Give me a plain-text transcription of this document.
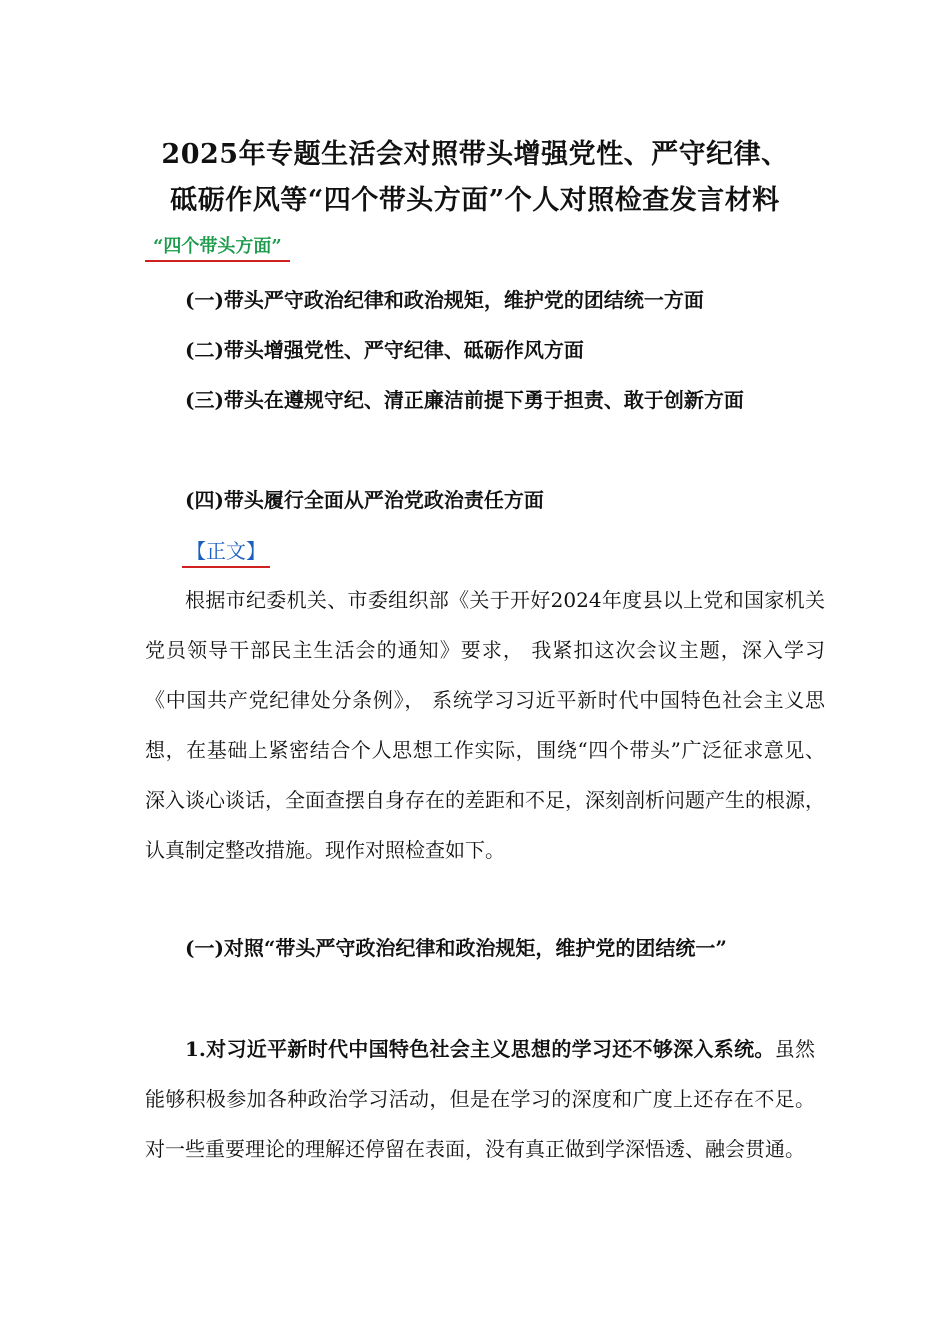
2025年专题生活会对照带头增强党性、严守纪律、
砥砺作风等“四个带头方面”个人对照检查发言材料
“四个带头方面”
(一)带头严守政治纪律和政治规矩，维护党的团结统一方面
(二)带头增强党性、严守纪律、砥砺作风方面
(三)带头在遵规守纪、清正廉洁前提下勇于担责、敢于创新方面
(四)带头履行全面从严治党政治责任方面
【正文】
根据市纪委机关、市委组织部《关于开好2024年度县以上党和国家机关党员领导干部民主生活会的通知》要求， 我紧扣这次会议主题，深入学习《中国共产党纪律处分条例》， 系统学习习近平新时代中国特色社会主义思想，在基础上紧密结合个人思想工作实际，围绕“四个带头”广泛征求意见、 深入谈心谈话，全面查摆自身存在的差距和不足，深刻剖析问题产生的根源，认真制定整改措施。现作对照检查如下。
(一)对照“带头严守政治纪律和政治规矩，维护党的团结统一”
1.对习近平新时代中国特色社会主义思想的学习还不够深入系统。虽然能够积极参加各种政治学习活动，但是在学习的深度和广度上还存在不足。对一些重要理论的理解还停留在表面，没有真正做到学深悟透、融会贯通。
